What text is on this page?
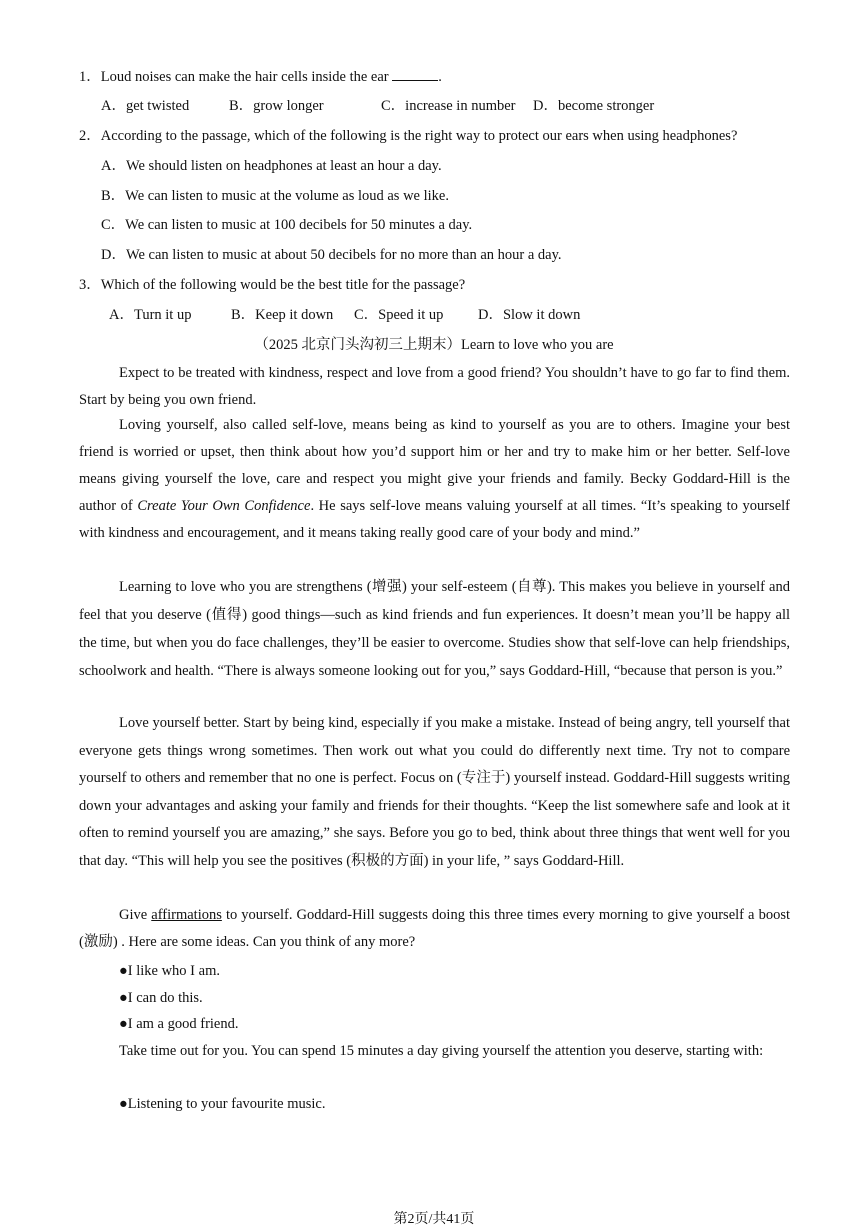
1．Loud noises can make the hair cells inside the ear	.
A．get twisted	B．grow longer	C．increase in number D．become stronger
2．According to the passage, which of the following is the right way to protect our ears when using headphones?
A．We should listen on headphones at least an hour a day.
B．We can listen to music at the volume as loud as we like.
C．We can listen to music at 100 decibels for 50 minutes a day.
D．We can listen to music at about 50 decibels for no more than an hour a day.
3．Which of the following would be the best title for the passage?
A．Turn it up	B．Keep it down C．Speed it up D．Slow it down
（2025 北京门头沟初三上期末）Learn to love who you are
Expect to be treated with kindness, respect and love from a good friend? You shouldn’t have to go far to find them. Start by being you own friend.
Loving yourself, also called self-love, means being as kind to yourself as you are to others. Imagine your best friend is worried or upset, then think about how you’d support him or her and try to make him or her better. Self-love means giving yourself the love, care and respect you might give your friends and family. Becky Goddard-Hill is the author of Create Your Own Confidence. He says self-love means valuing yourself at all times. “It’s speaking to yourself with kindness and encouragement, and it means taking really good care of your body and mind.”
Learning to love who you are strengthens (增强) your self-esteem (自尊). This makes you believe in yourself and feel that you deserve (值得) good things—such as kind friends and fun experiences. It doesn’t mean you’ll be happy all the time, but when you do face challenges, they’ll be easier to overcome. Studies show that self-love can help friendships, schoolwork and health. “There is always someone looking out for you,” says Goddard-Hill, “because that person is you.”
Love yourself better. Start by being kind, especially if you make a mistake. Instead of being angry, tell yourself that everyone gets things wrong sometimes. Then work out what you could do differently next time. Try not to compare yourself to others and remember that no one is perfect. Focus on (专注于) yourself instead. Goddard-Hill suggests writing down your advantages and asking your family and friends for their thoughts. “Keep the list somewhere safe and look at it often to remind yourself you are amazing,” she says. Before you go to bed, think about three things that went well for you that day. “This will help you see the positives (积极的方面) in your life, ” says Goddard-Hill.
Give affirmations to yourself. Goddard-Hill suggests doing this three times every morning to give yourself a boost (激励) . Here are some ideas. Can you think of any more?
●I like who I am.
●I can do this.
●I am a good friend.
Take time out for you. You can spend 15 minutes a day giving yourself the attention you deserve, starting with:
●Listening to your favourite music.
第2页/共41页
